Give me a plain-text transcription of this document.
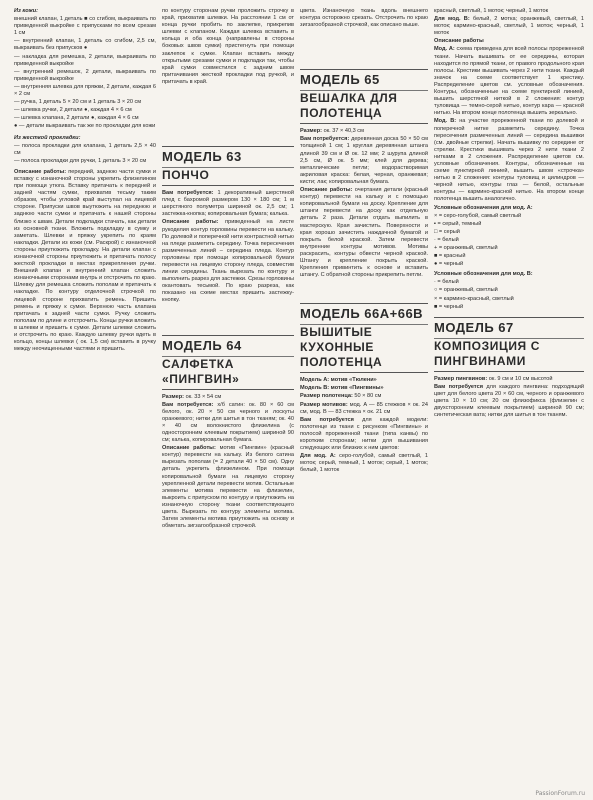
Из кожи:

внешний клапан, 1 деталь ■ со сгибом, выкраивать по приведенной выкройке с припусками по всем срезам 1 см

— внутренний клапан, 1 деталь со сгибом, 2,5 см, выкраивать без припусков ●

— накладка для ремешка, 2 детали, выкраивать по приведенной выкройке

— внутренний ремешок, 2 детали, выкраивать по приведенной выкройке

— внутренняя шлевка для пряжки, 2 детали, каждая 6 × 2 см

— ручка, 1 деталь 5 × 20 см и 1 деталь 3 × 20 см

— шлевка ручки, 2 детали ●, каждая 4 × 6 см

— шлевка клапана, 2 детали ●, каждая 4 × 6 см

● — детали выкраивать так же по прокладки для кожи

Из жесткой прокладки:

— полоса прокладки для клапана, 1 деталь 2,5 × 40 см

— полоса прокладки для ручки, 1 деталь 3 × 20 см

Описание работы: передний, заднюю части сумки и вставку с изнаночной стороны укрепить флизелином при помощи утюга. Вставку притачать к передней и задней частям сумки, прихватив тесьму таким образом, чтобы угловой край выступал на лицевой стороне. Припуски швов выутюжить на переднюю и заднюю части сумки и притачать к нашей стороны близко к швам. Детали подкладки стачать, как детали из основной ткани. Вложить подкладку в сумку и заметать. Шлевки и пряжку укрепить по краям накладки. Детали из кожи (см. Раскрой) с изнаночной стороны приутюжить прокладку. На детали клапан с изнаночной стороны приутюжить и притачать полосу жесткой прокладки в местах прикрепления ручки. Внешний клапан и внутренний клапан сложить изнаночными сторонами внутрь и отстрочить по краю. Шлевку для ремешка сложить пополам и притачать к накладке. По контуру отделочной строчкой по лицевой стороне прихватить ремень. Пришить ремень и пряжку к сумке. Верхнюю часть клапана притачать к задней части сумки. Ручку сложить пополам по длине и отстрочить. Концы ручки вложить в шлевки и пришить к сумке. Детали шлевки сложить и отстрочить по краю. Каждую шлевку ручки вдеть в кольцо, концы шлевки ( ок. 1,5 см) вставить в ручку между неочищенными частями и пришить.

по контуру сторонам ручки проложить строчку в край, прихватив шлевки. На расстоянии 1 см от конца ручки пробить по заклепке, прикрепив шлевки с клапаном. Каждая шлевка вставить в кольца и оба конца (направлены в стороны боковых швов сумки) пристегнуть при помощи заклепок к сумке. Клапан вставить между открытыми срезами сумки и подкладки так, чтобы край сумки совместился с задним швом притачивания жесткой прокладки под ручкой, и притачать в край.

МОДЕЛЬ 63
ПОНЧО

Вам потребуется: 1 декоративный шерстяной плед с бахромой размером 130 × 180 см; 1 м шерстяного полуметра шириной ок. 2,5 см; 1 застежка-кнопка; копировальная бумага; калька.

Описание работы: приведенный на листе рукоделия контур горловины перевести на кальку. По долевой и поперечной нити контрастной нитью на пледе разметить середину. Точка пересечения размеченных линий – середина пледа. Контур горловины при помощи копировальной бумаги перевести на лицевую сторону пледа, совместив линии середины. Ткань вырезать по контуру и выполнить разрез для застежки. Срезы горловины окантовать тесьмой. По краю разреза, как показано на схеме местах пришить застежку-кнопку.

МОДЕЛЬ 64
САЛФЕТКА «ПИНГВИН»

Размер: ок. 33 × 54 см

Вам потребуется: х/б сатин: ок. 80 × 60 см белого, ок. 20 × 50 см черного и лоскуты оранжевого; нитки для шитья в тон тканям; ок. 40 × 40 см волокнистого флизелина (с односторонним клеевым покрытием) шириной 90 см; калька, копировальная бумага.

Описание работы: мотив «Пингвин» (красный контур) перевести на кальку. Из белого сатина вырезать пополам (= 2 детали 40 × 50 см). Одну деталь укрепить флизелином. При помощи копировальной бумаги на лицевую сторону укрепленной детали перевести мотив. Остальные элементы мотива перевести на флизелин, выкроить с припуском по контуру и приутюжить на изнаночную сторону ткани соответствующего цвета. Вырезать по контуру элементы мотива. Затем элементы мотива приутюжить на основу и обметать зигзагообразной строчкой.

цвета. Изнаночную ткань вдоль внешнего контура осторожно срезать. Отстрочить по краю зигзагообразной строчкой, как описано выше.

МОДЕЛЬ 65
ВЕШАЛКА ДЛЯ ПОЛОТЕНЦА

Размер: ок. 37 × 40,3 см

Вам потребуется: деревянная доска 50 × 50 см толщиной 1 см; 1 круглая деревянная штанга длиной 39 см и Ø ок. 12 мм; 2 шурупа длиной 2,5 см, Ø ок. 5 мм; клей для дерева; металлические петли; водорастворимая акриловая краска: белая, черная, оранжевая; кисти; лак; копировальная бумага.

Описание работы: очертания детали (красный контур) перевести на кальку и с помощью копировальной бумаги на доску. Крепление для штанги перевести на доску как отдельную деталь 2 раза. Детали отдать выпилить в мастерскую. Края зачистить. Поверхности и края хорошо зачистить наждачной бумагой и покрыть белой краской. Затем перевести внутренние контуры мотивов. Мотивы раскрасить, контуры обвести черной краской. Штангу и крепление покрыть краской. Крепления привинтить к основе и вставить штангу. С обратной стороны прикрепить петли.

МОДЕЛЬ 66А+66В
ВЫШИТЫЕ КУХОННЫЕ ПОЛОТЕНЦА

Модель А: мотив «Тюлени»

Модель В: мотив «Пингвины»

Размер полотенца: 50 × 80 см

Размер мотивов: мод. А — 85 стежков × ок. 24 см, мод. В — 83 стежка × ок. 21 см

Вам потребуется для каждой модели: полотенце из ткани с рисунком «Пингвины» и полосой прореженной ткани (типа канвы) по коротким сторонам; нитки для вышивания следующих или близких к ним цветов:

Для мод. А: серо-голубой, самый светлый, 1 моток; серый, темный, 1 моток; серый, 1 моток; белый, 1 моток

красный, светлый, 1 моток; черный, 1 моток

Для мод. В: белый, 2 мотка; оранжевый, светлый, 1 моток; кармино-красный, светлый, 1 моток; черный, 1 моток

Описание работы

Мод. А: схема приведена для всей полосы прореженной ткани. Начать вышивать от ее середины, которая находится по прямой ткани, от правого продольного края полосы. Крестики вышивать через 2 нити ткани. Каждый значок на схеме соответствует 1 крестику. Распределение цветов см. условные обозначения. Контуры, обозначенные на схеме пунктирной линией, вышить шерстяной ниткой в 2 сложения: контур туловища — темно-серой нитью, контур кара — красной нитью. На втором конце полотенца вышить зеркально.

Мод. В: на участке прореженной ткани по долевой и поперечной нитке разметить середину. Точка пересечения размеченных линий — середина вышивки (см. двойные стрелки). Начать вышивку по середине от стрелки. Крестики вышивать через 2 нити ткани 2 нитками в 2 сложения. Распределение цветов см. условные обозначения. Контуры, обозначенные на схеме пунктирной линией, вышить швом «строчка» нитью в 2 сложения: контуры туловищ и цилиндров — черной нитью, контуры глаз — белой, остальные контуры — кармино-красной нитью. На втором конце полотенца вышить аналогично.

Условные обозначения для мод. А:

× = серо-голубой, самый светлый

▪ = серый, темный

□ = серый

· = белый

+ = оранжевый, светлый

■ = красный

● = черный

Условные обозначения для мод. В:

· = белый

○ = оранжевый, светлый

× = кармино-красный, светлый

■ = черный

МОДЕЛЬ 67
КОМПОЗИЦИЯ С ПИНГВИНАМИ

Размер пингвинов: ок. 9 см и 10 см высотой

Вам потребуется для каждого пингвина: подходящий цвет для белого цвета 20 × 60 см, черного и оранжевого цвета 10 × 10 см; 20 см флизофикса (флизелин с двухсторонним клеевым покрытием) шириной 90 см; синтетическая вата; нитки для шитья в тон тканям.

PassionForum.ru
